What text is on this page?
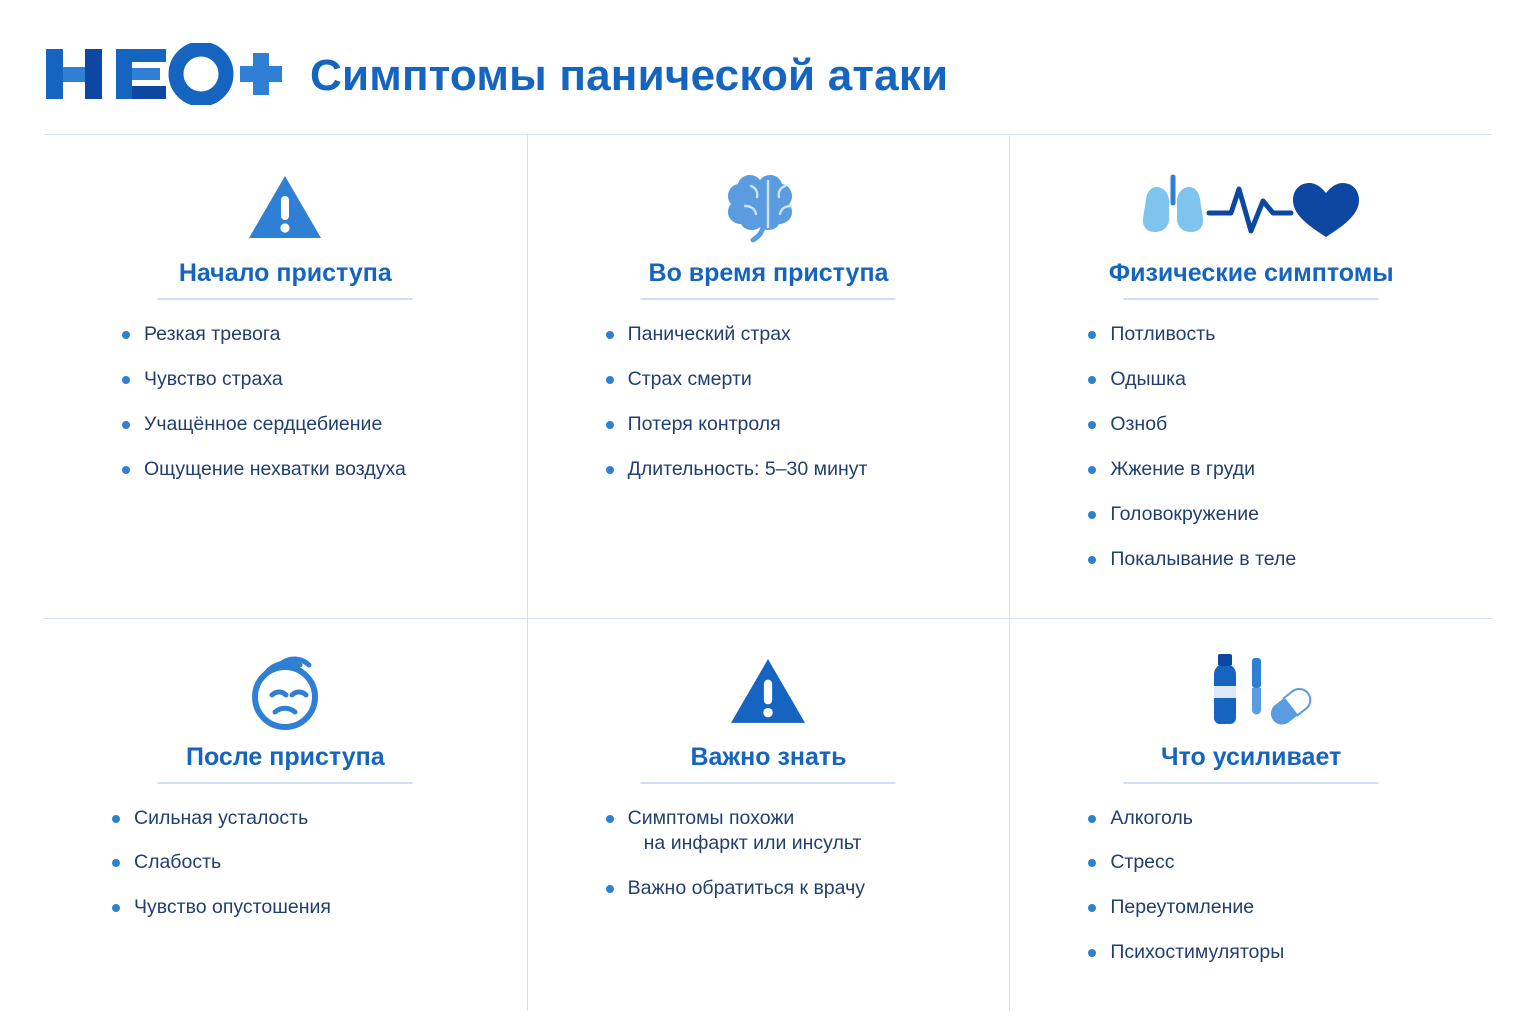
Симптомы панической атаки
Начало приступа
Резкая тревога
Чувство страха
Учащённое сердцебиение
Ощущение нехватки воздуха
Во время приступа
Панический страх
Страх смерти
Потеря контроля
Длительность: 5–30 минут
Физические симптомы
Потливость
Одышка
Озноб
Жжение в груди
Головокружение
Покалывание в теле
После приступа
Сильная усталость
Слабость
Чувство опустошения
Важно знать
Симптомы похожи
на инфаркт или инсульт
Важно обратиться к врачу
Что усиливает
Алкоголь
Стресс
Переутомление
Психостимуляторы
